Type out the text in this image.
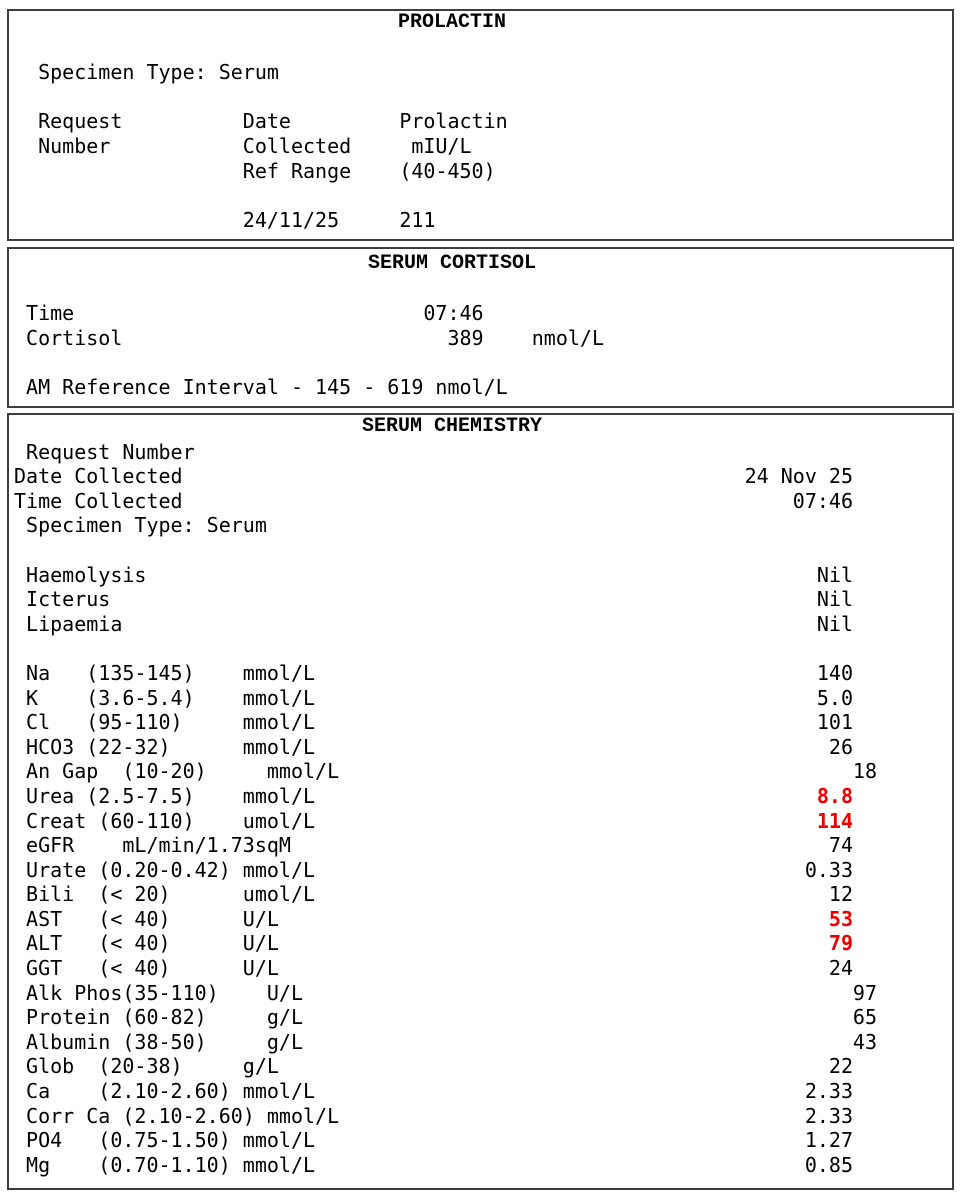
PROLACTIN
Specimen Type: Serum
Request          Date         Prolactin
Number           Collected     mIU/L
Ref Range    (40-450)
24/11/25     211
SERUM CORTISOL
Time                             07:46
Cortisol                           389    nmol/L
AM Reference Interval - 145 - 619 nmol/L
SERUM CHEMISTRY
Request Number
Date Collected	24 Nov 25
Time Collected	07:46
Specimen Type: Serum
Haemolysis	Nil
Icterus	Nil
Lipaemia	Nil
Na   (135-145)    mmol/L	140
K    (3.6-5.4)    mmol/L	5.0
Cl   (95-110)     mmol/L	101
HCO3 (22-32)      mmol/L	26
An Gap  (10-20)     mmol/L	18
Urea (2.5-7.5)    mmol/L	8.8
Creat (60-110)    umol/L	114
eGFR    mL/min/1.73sqM	74
Urate (0.20-0.42) mmol/L	0.33
Bili  (< 20)      umol/L	12
AST   (< 40)      U/L	53
ALT   (< 40)      U/L	79
GGT   (< 40)      U/L	24
Alk Phos(35-110)    U/L	97
Protein (60-82)     g/L	65
Albumin (38-50)     g/L	43
Glob  (20-38)     g/L	22
Ca    (2.10-2.60) mmol/L	2.33
Corr Ca (2.10-2.60) mmol/L	2.33
PO4   (0.75-1.50) mmol/L	1.27
Mg    (0.70-1.10) mmol/L	0.85
